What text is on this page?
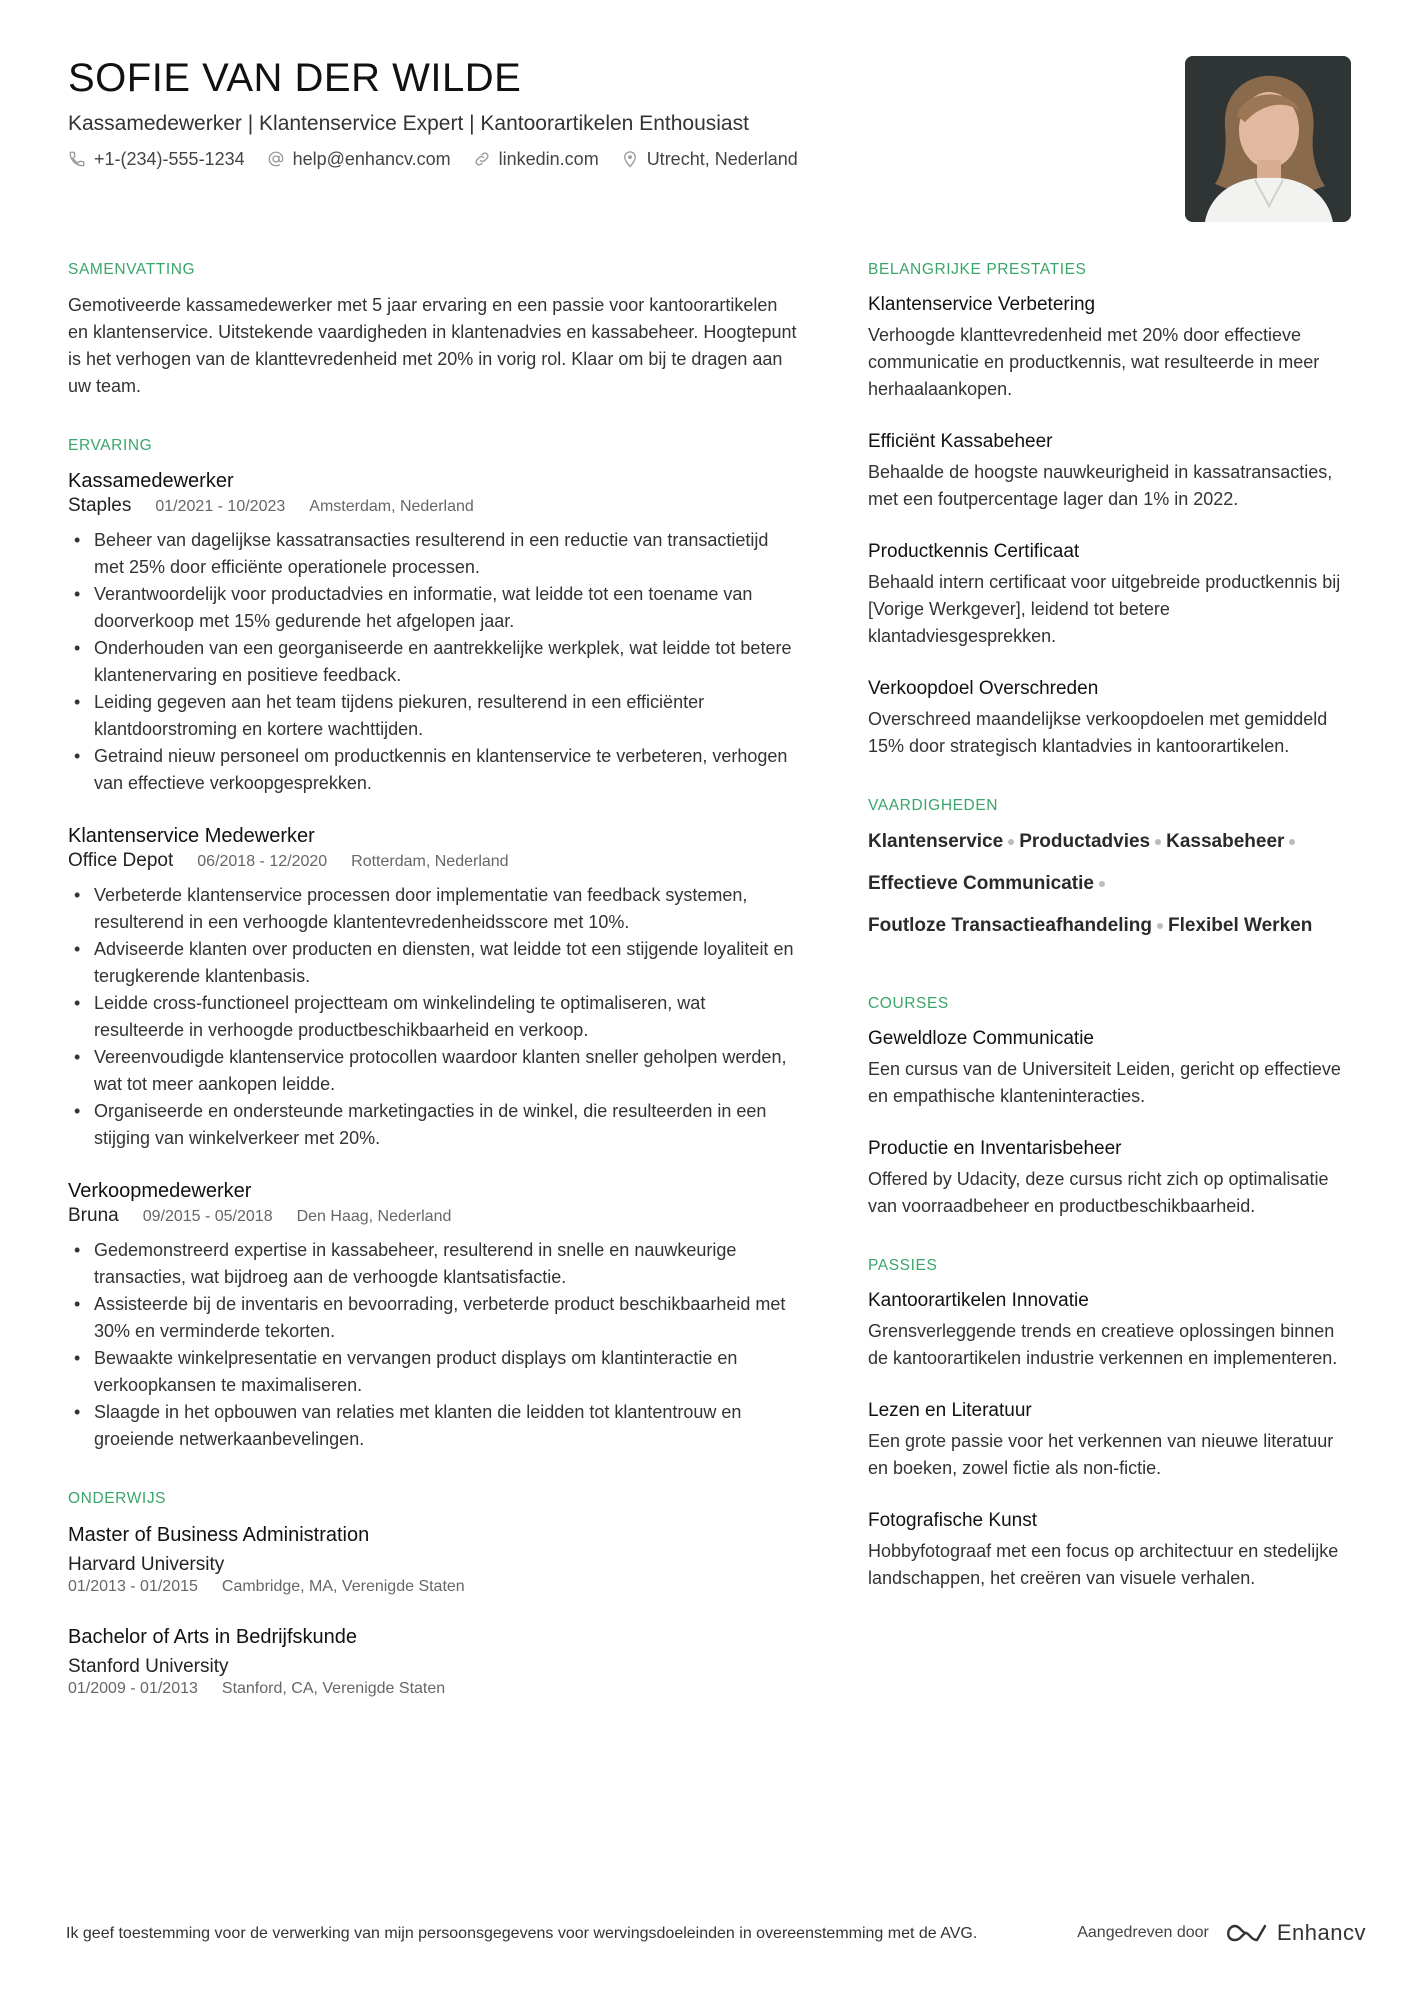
SOFIE VAN DER WILDE
Kassamedewerker | Klantenservice Expert | Kantoorartikelen Enthousiast
+1-(234)-555-1234	help@enhancv.com	linkedin.com	Utrecht, Nederland
SAMENVATTING

Gemotiveerde kassamedewerker met 5 jaar ervaring en een passie voor kantoorartikelen en klantenservice. Uitstekende vaardigheden in klantenadvies en kassabeheer. Hoogtepunt is het verhogen van de klanttevredenheid met 20% in vorig rol. Klaar om bij te dragen aan uw team.

ERVARING
Kassamedewerker
Staples 01/2021 - 10/2023 Amsterdam, Nederland
• Beheer van dagelijkse kassatransacties resulterend in een reductie van transactietijd met 25% door efficiënte operationele processen.
• Verantwoordelijk voor productadvies en informatie, wat leidde tot een toename van doorverkoop met 15% gedurende het afgelopen jaar.
• Onderhouden van een georganiseerde en aantrekkelijke werkplek, wat leidde tot betere klantenervaring en positieve feedback.
• Leiding gegeven aan het team tijdens piekuren, resulterend in een efficiënter klantdoorstroming en kortere wachttijden.
• Getraind nieuw personeel om productkennis en klantenservice te verbeteren, verhogen van effectieve verkoopgesprekken.
Klantenservice Medewerker
Office Depot 06/2018 - 12/2020 Rotterdam, Nederland
• Verbeterde klantenservice processen door implementatie van feedback systemen, resulterend in een verhoogde klantentevredenheidsscore met 10%.
• Adviseerde klanten over producten en diensten, wat leidde tot een stijgende loyaliteit en terugkerende klantenbasis.
• Leidde cross-functioneel projectteam om winkelindeling te optimaliseren, wat resulteerde in verhoogde productbeschikbaarheid en verkoop.
• Vereenvoudigde klantenservice protocollen waardoor klanten sneller geholpen werden, wat tot meer aankopen leidde.
• Organiseerde en ondersteunde marketingacties in de winkel, die resulteerden in een stijging van winkelverkeer met 20%.
Verkoopmedewerker
Bruna 09/2015 - 05/2018 Den Haag, Nederland
• Gedemonstreerd expertise in kassabeheer, resulterend in snelle en nauwkeurige transacties, wat bijdroeg aan de verhoogde klantsatisfactie.
• Assisteerde bij de inventaris en bevoorrading, verbeterde product beschikbaarheid met 30% en verminderde tekorten.
• Bewaakte winkelpresentatie en vervangen product displays om klantinteractie en verkoopkansen te maximaliseren.
• Slaagde in het opbouwen van relaties met klanten die leidden tot klantentrouw en groeiende netwerkaanbevelingen.
ONDERWIJS
Master of Business Administration
Harvard University
01/2013 - 01/2015 Cambridge, MA, Verenigde Staten
Bachelor of Arts in Bedrijfskunde
Stanford University
01/2009 - 01/2013 Stanford, CA, Verenigde Staten
BELANGRIJKE PRESTATIES
Klantenservice Verbetering
Verhoogde klanttevredenheid met 20% door effectieve communicatie en productkennis, wat resulteerde in meer herhaalaankopen.
Efficiënt Kassabeheer
Behaalde de hoogste nauwkeurigheid in kassatransacties, met een foutpercentage lager dan 1% in 2022.
Productkennis Certificaat
Behaald intern certificaat voor uitgebreide productkennis bij [Vorige Werkgever], leidend tot betere klantadviesgesprekken.
Verkoopdoel Overschreden
Overschreed maandelijkse verkoopdoelen met gemiddeld 15% door strategisch klantadvies in kantoorartikelen.
VAARDIGHEDEN
Klantenservice Productadvies Kassabeheer
Effectieve Communicatie
Foutloze Transactieafhandeling Flexibel Werken
COURSES
Geweldloze Communicatie
Een cursus van de Universiteit Leiden, gericht op effectieve en empathische klanteninteracties.
Productie en Inventarisbeheer
Offered by Udacity, deze cursus richt zich op optimalisatie van voorraadbeheer en productbeschikbaarheid.
PASSIES
Kantoorartikelen Innovatie
Grensverleggende trends en creatieve oplossingen binnen de kantoorartikelen industrie verkennen en implementeren.
Lezen en Literatuur
Een grote passie voor het verkennen van nieuwe literatuur en boeken, zowel fictie als non-fictie.
Fotografische Kunst
Hobbyfotograaf met een focus op architectuur en stedelijke landschappen, het creëren van visuele verhalen.
Ik geef toestemming voor de verwerking van mijn persoonsgegevens voor wervingsdoeleinden in overeenstemming met de AVG.	Aangedreven door	Enhancv
